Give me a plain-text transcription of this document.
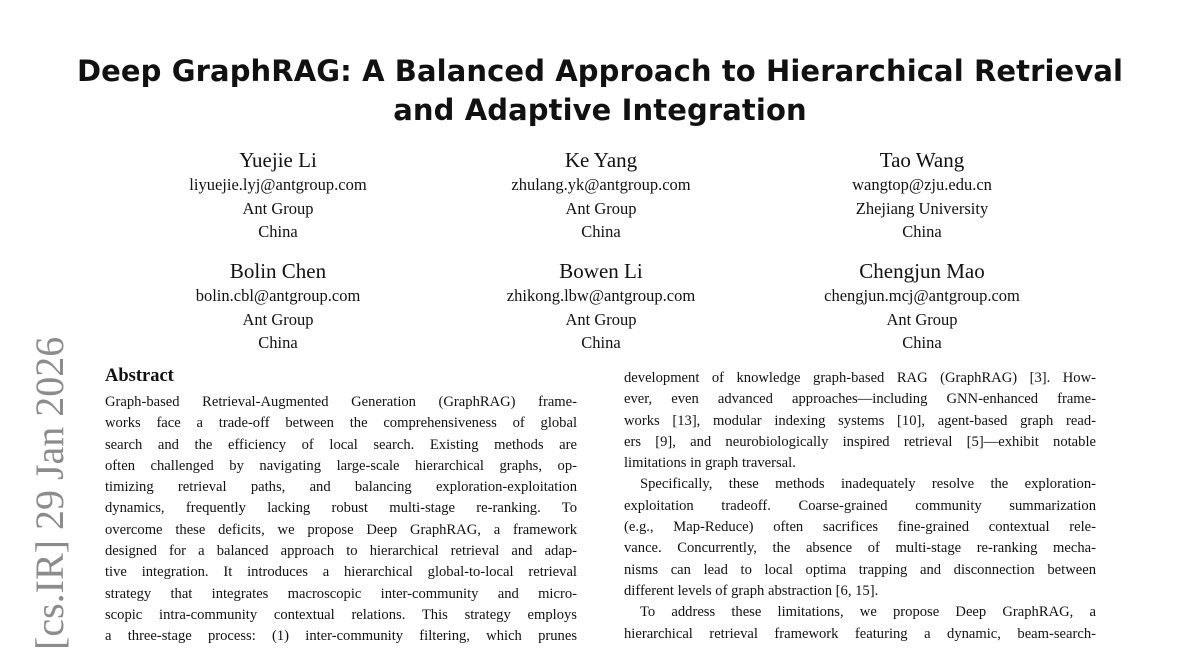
Deep GraphRAG: A Balanced Approach to Hierarchical Retrieval
and Adaptive Integration
Yuejie Li
liyuejie.lyj@antgroup.com
Ant Group
China
Ke Yang
zhulang.yk@antgroup.com
Ant Group
China
Tao Wang
wangtop@zju.edu.cn
Zhejiang University
China
Bolin Chen
bolin.cbl@antgroup.com
Ant Group
China
Bowen Li
zhikong.lbw@antgroup.com
Ant Group
China
Chengjun Mao
chengjun.mcj@antgroup.com
Ant Group
China
[cs.IR] 29 Jan 2026 Abstract
Graph-based Retrieval-Augmented Generation (GraphRAG) frame-
works face a trade-off between the comprehensiveness of global
search and the efficiency of local search. Existing methods are
often challenged by navigating large-scale hierarchical graphs, op-
timizing retrieval paths, and balancing exploration-exploitation
dynamics, frequently lacking robust multi-stage re-ranking. To
overcome these deficits, we propose Deep GraphRAG, a framework
designed for a balanced approach to hierarchical retrieval and adap-
tive integration. It introduces a hierarchical global-to-local retrieval
strategy that integrates macroscopic inter-community and micro-
scopic intra-community contextual relations. This strategy employs
a three-stage process: (1) inter-community filtering, which prunes
development of knowledge graph-based RAG (GraphRAG) [3]. How-
ever, even advanced approaches—including GNN-enhanced frame-
works [13], modular indexing systems [10], agent-based graph read-
ers [9], and neurobiologically inspired retrieval [5]—exhibit notable
limitations in graph traversal.
Specifically, these methods inadequately resolve the exploration-
exploitation tradeoff. Coarse-grained community summarization
(e.g., Map-Reduce) often sacrifices fine-grained contextual rele-
vance. Concurrently, the absence of multi-stage re-ranking mecha-
nisms can lead to local optima trapping and disconnection between
different levels of graph abstraction [6, 15].
To address these limitations, we propose Deep GraphRAG, a
hierarchical retrieval framework featuring a dynamic, beam-search-
